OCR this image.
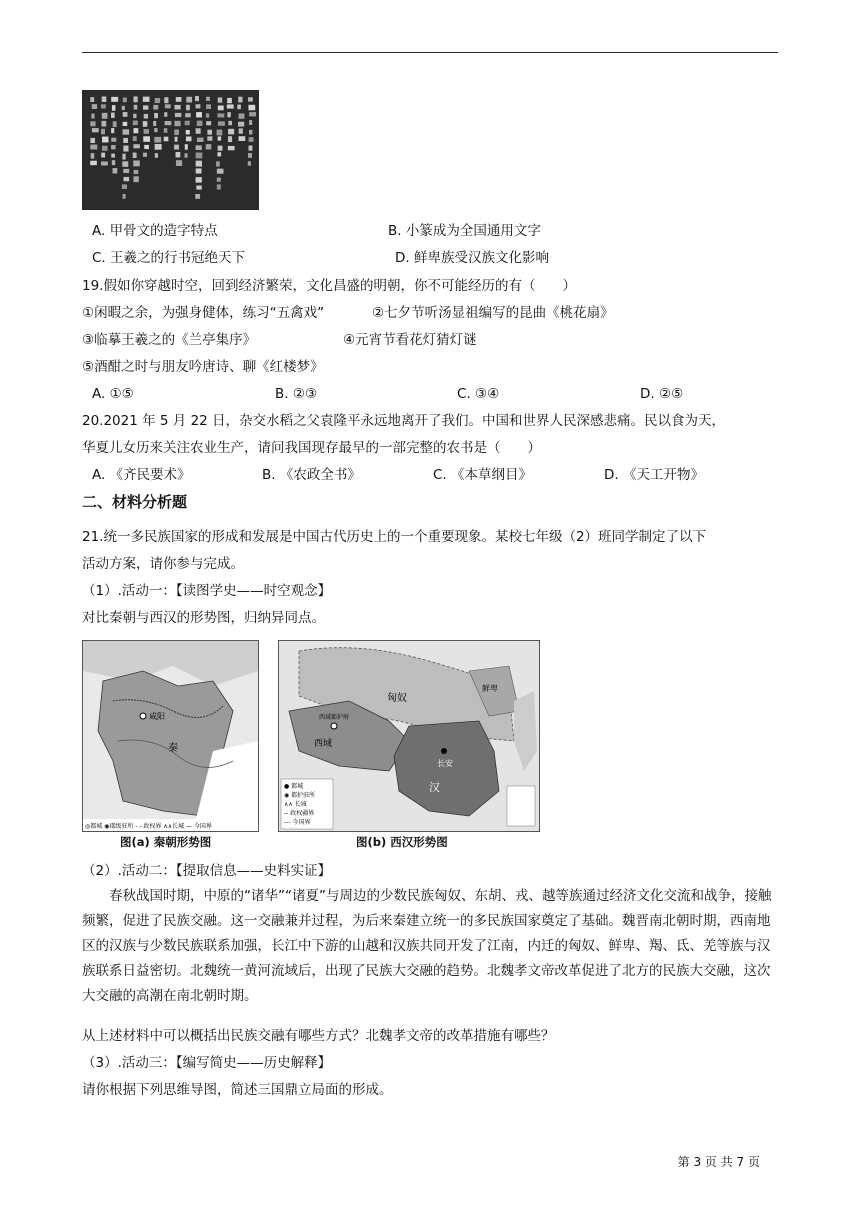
A. 甲骨文的造字特点	B. 小篆成为全国通用文字
C. 王羲之的行书冠绝天下	D. 鲜卑族受汉族文化影响
19.假如你穿越时空，回到经济繁荣，文化昌盛的明朝，你不可能经历的有（　　）
①闲暇之余，为强身健体，练习“五禽戏”	②七夕节听汤显祖编写的昆曲《桃花扇》
③临摹王羲之的《兰亭集序》	④元宵节看花灯猜灯谜
⑤酒酣之时与朋友吟唐诗、聊《红楼梦》
A. ①⑤	B. ②③	C. ③④	D. ②⑤
20.2021 年 5 月 22 日，杂交水稻之父袁隆平永远地离开了我们。中国和世界人民深感悲痛。民以食为天，
华夏儿女历来关注农业生产，请问我国现存最早的一部完整的农书是（　　）
A. 《齐民要术》	B. 《农政全书》	C. 《本草纲目》	D. 《天工开物》
二、材料分析题
21.统一多民族国家的形成和发展是中国古代历史上的一个重要现象。某校七年级（2）班同学制定了以下
活动方案，请你参与完成。
（1）.活动一：【读图学史——时空观念】
对比秦朝与西汉的形势图，归纳异同点。
咸阳
秦
◎都城 ◉郡级驻所 - - 政权界 ∧∧长城 — 今国界
图(a) 秦朝形势图
匈奴
西域
西域都护府
长安
汉
鲜卑
● 都城
◉ 都护驻所
∧∧ 长城
-- 政权疆界
--- 今国界
图(b) 西汉形势图
（2）.活动二：【提取信息——史料实证】
春秋战国时期，中原的“诸华”“诸夏”与周边的少数民族匈奴、东胡、戎、越等族通过经济文化交流和战争，接触频繁，促进了民族交融。这一交融兼并过程，为后来秦建立统一的多民族国家奠定了基础。魏晋南北朝时期，西南地区的汉族与少数民族联系加强，长江中下游的山越和汉族共同开发了江南，内迁的匈奴、鲜卑、羯、氐、羌等族与汉族联系日益密切。北魏统一黄河流域后，出现了民族大交融的趋势。北魏孝文帝改革促进了北方的民族大交融，这次大交融的高潮在南北朝时期。
从上述材料中可以概括出民族交融有哪些方式？北魏孝文帝的改革措施有哪些？
（3）.活动三：【编写简史——历史解释】
请你根据下列思维导图，简述三国鼎立局面的形成。
第 3 页 共 7 页
